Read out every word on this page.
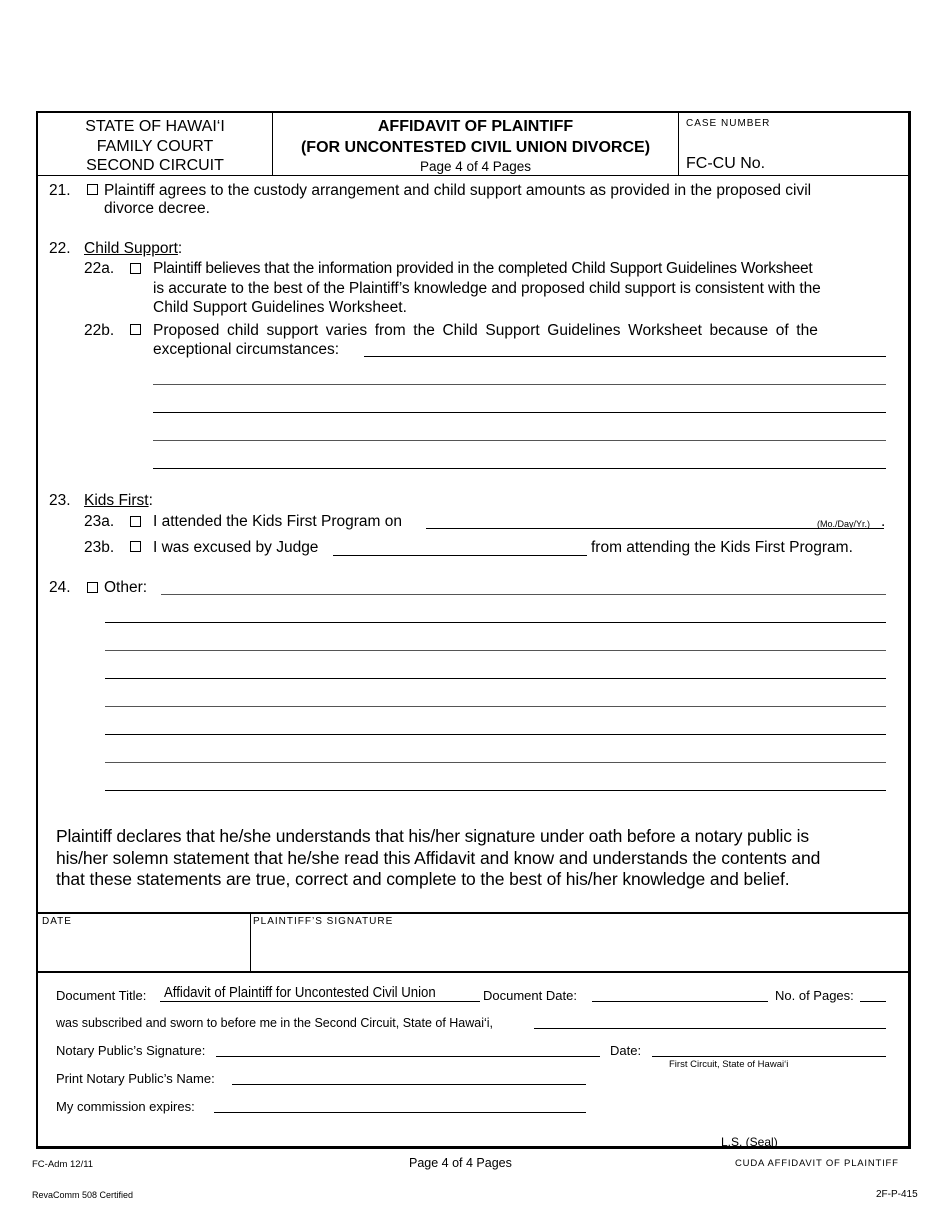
STATE OF HAWAI‘I
FAMILY COURT
SECOND CIRCUIT
AFFIDAVIT OF PLAINTIFF
(FOR UNCONTESTED CIVIL UNION DIVORCE)
Page 4 of 4 Pages
CASE NUMBER
FC-CU No.
21. Plaintiff agrees to the custody arrangement and child support amounts as provided in the proposed civil
divorce decree.
22. Child Support:
22a.	Plaintiff believes that the information provided in the completed Child Support Guidelines Worksheet
is accurate to the best of the Plaintiff’s knowledge and proposed child support is consistent with the
Child Support Guidelines Worksheet.
22b.	Proposed child support varies from the Child Support Guidelines Worksheet because of the
exceptional circumstances:
23. Kids First:
23a.	I attended the Kids First Program on	(Mo./Day/Yr.) .
23b.	I was excused by Judge	from attending the Kids First Program.
24. Other:
Plaintiff declares that he/she understands that his/her signature under oath before a notary public is
his/her solemn statement that he/she read this Affidavit and know and understands the contents and
that these statements are true, correct and complete to the best of his/her knowledge and belief.
DATE	PLAINTIFF’S SIGNATURE
Document Title: Affidavit of Plaintiff for Uncontested Civil Union	Document Date:	No. of Pages:
was subscribed and sworn to before me in the Second Circuit, State of Hawai‘i,
Notary Public’s Signature:	Date:
First Circuit, State of Hawai‘i
Print Notary Public’s Name:
My commission expires:
L.S. (Seal)
FC-Adm 12/11	Page 4 of 4 Pages	CUDA AFFIDAVIT OF PLAINTIFF
RevaComm 508 Certified	2F-P-415
